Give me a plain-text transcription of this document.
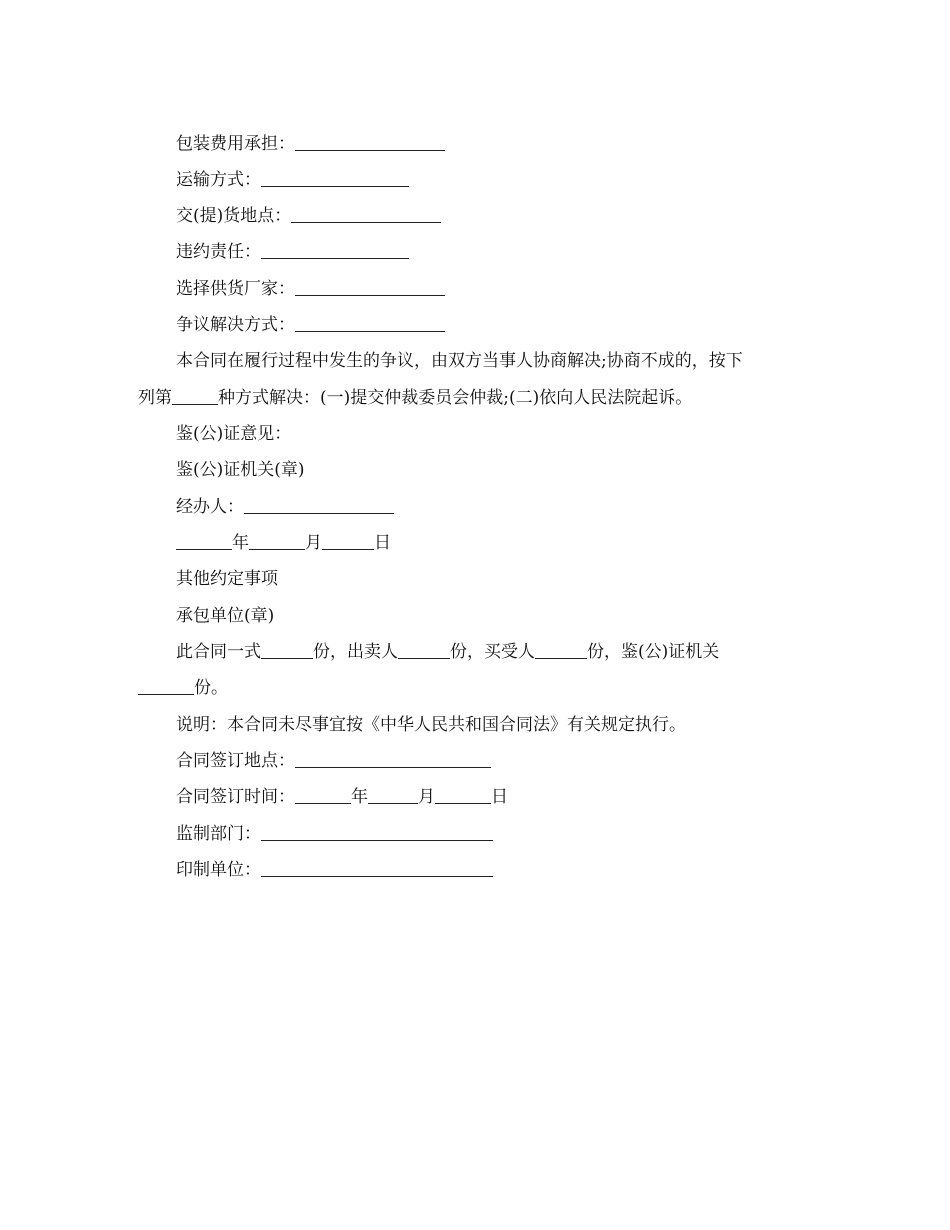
包装费用承担：
运输方式：
交(提)货地点：
违约责任：
选择供货厂家：
争议解决方式：
本合同在履行过程中发生的争议，由双方当事人协商解决;协商不成的，按下
列第	种方式解决：(一)提交仲裁委员会仲裁;(二)依向人民法院起诉。
鉴(公)证意见：
鉴(公)证机关(章)
经办人：
年	月	日
其他约定事项
承包单位(章)
此合同一式	份，出卖人	份，买受人	份，鉴(公)证机关
份。
说明：本合同未尽事宜按《中华人民共和国合同法》有关规定执行。
合同签订地点：
合同签订时间：	年	月	日
监制部门：
印制单位：
